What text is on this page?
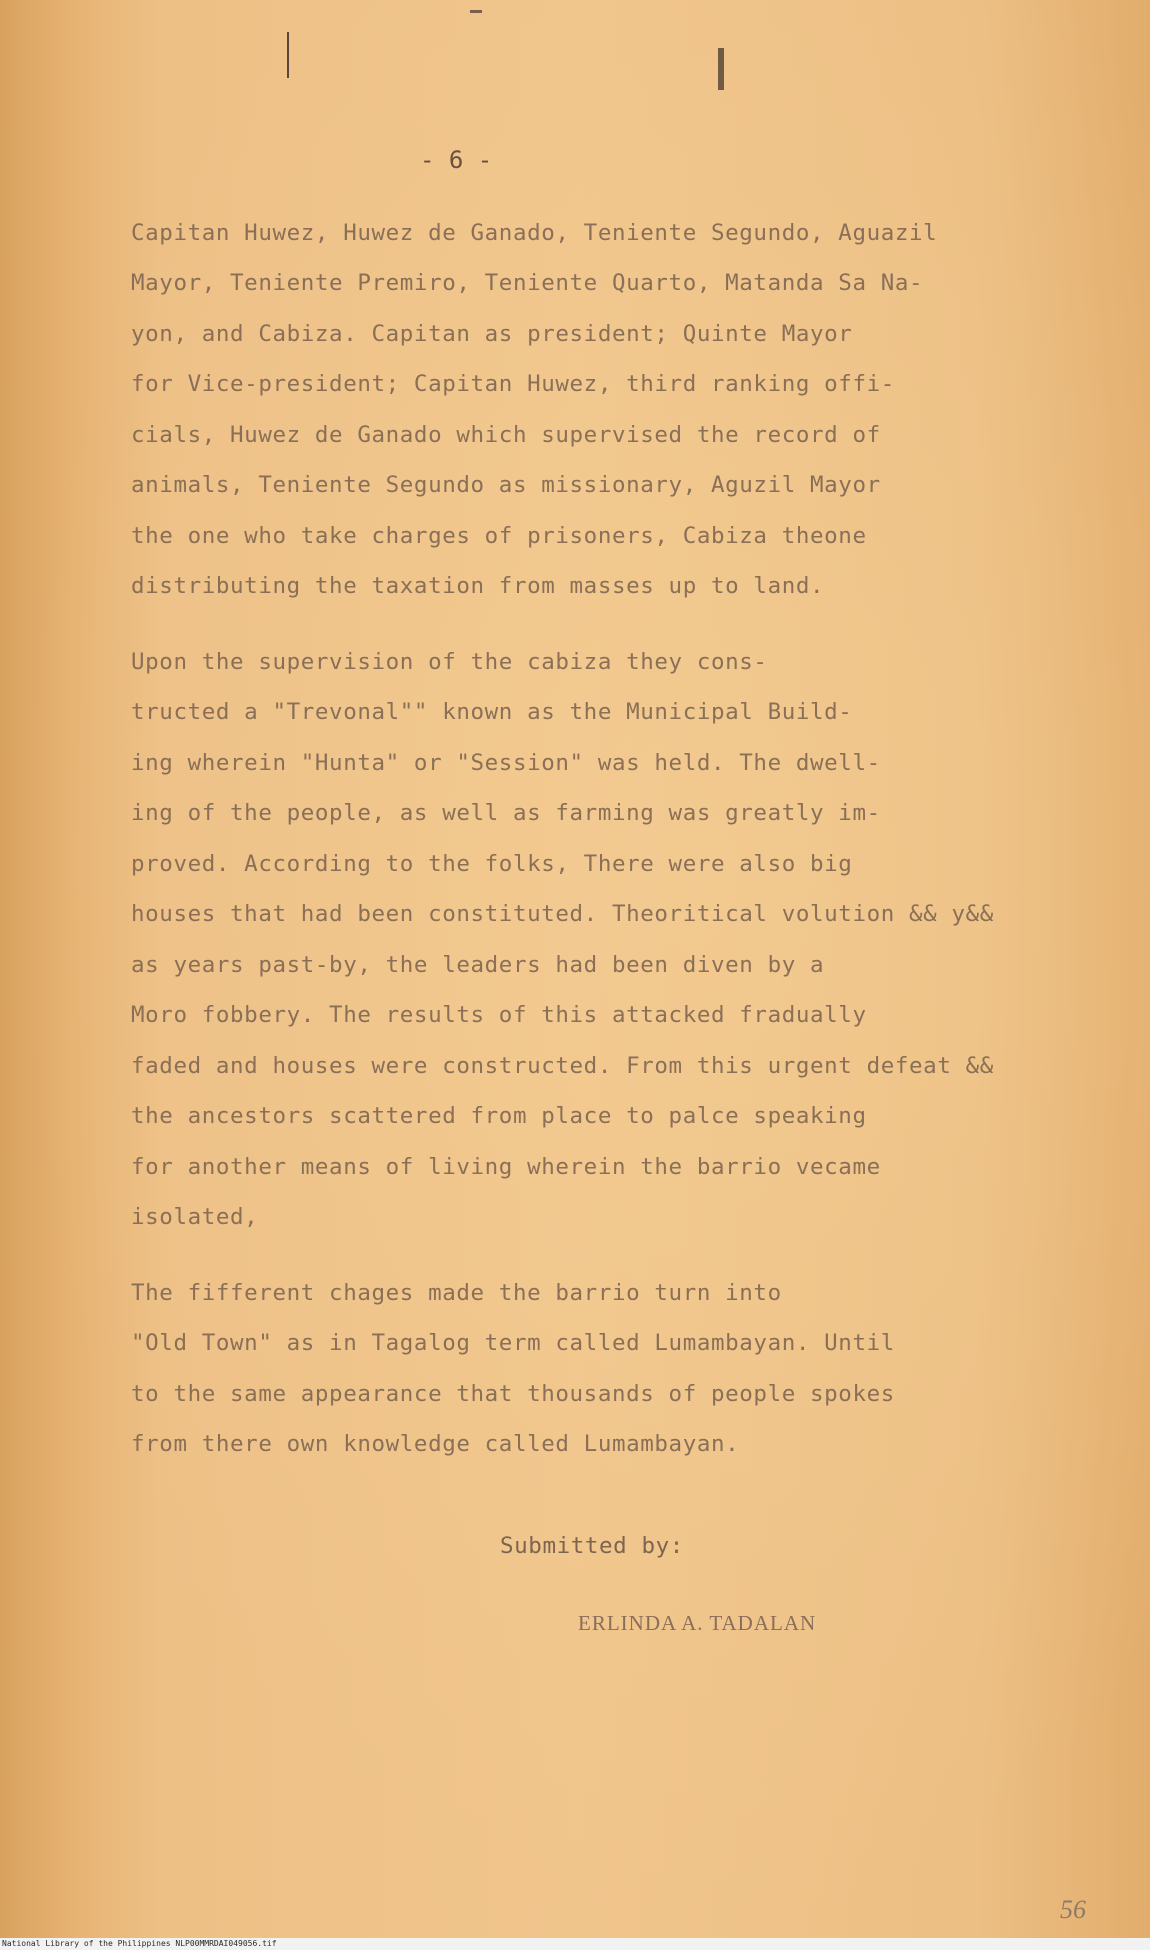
- 6 -

Capitan Huwez, Huwez de Ganado, Teniente Segundo, Aguazil

Mayor, Teniente Premiro, Teniente Quarto, Matanda Sa Na-

yon, and Cabiza. Capitan as president; Quinte Mayor

for Vice-president; Capitan Huwez, third ranking offi-

cials, Huwez de Ganado which supervised the record of

animals, Teniente Segundo as missionary, Aguzil Mayor

the one who take charges of prisoners, Cabiza theone

distributing the taxation from masses up to land.

Upon the supervision of the cabiza they cons-

tructed a "Trevonal"" known as the Municipal Build-

ing wherein "Hunta" or "Session" was held. The dwell-

ing of the people, as well as farming was greatly im-

proved. According to the folks, There were also big

houses that had been constituted. Theoritical volution && y&&

as years past-by, the leaders had been diven by a

Moro fobbery. The results of this attacked fradually

faded and houses were constructed. From this urgent defeat &&

the ancestors scattered from place to palce speaking

for another means of living wherein the barrio vecame

isolated,

The fifferent chages made the barrio turn into

"Old Town" as in Tagalog term called Lumambayan. Until

to the same appearance that thousands of people spokes

from there own knowledge called Lumambayan.

Submitted by:
ERLINDA A. TADALAN
56
National Library of the Philippines NLP00MMRDAI049056.tif
